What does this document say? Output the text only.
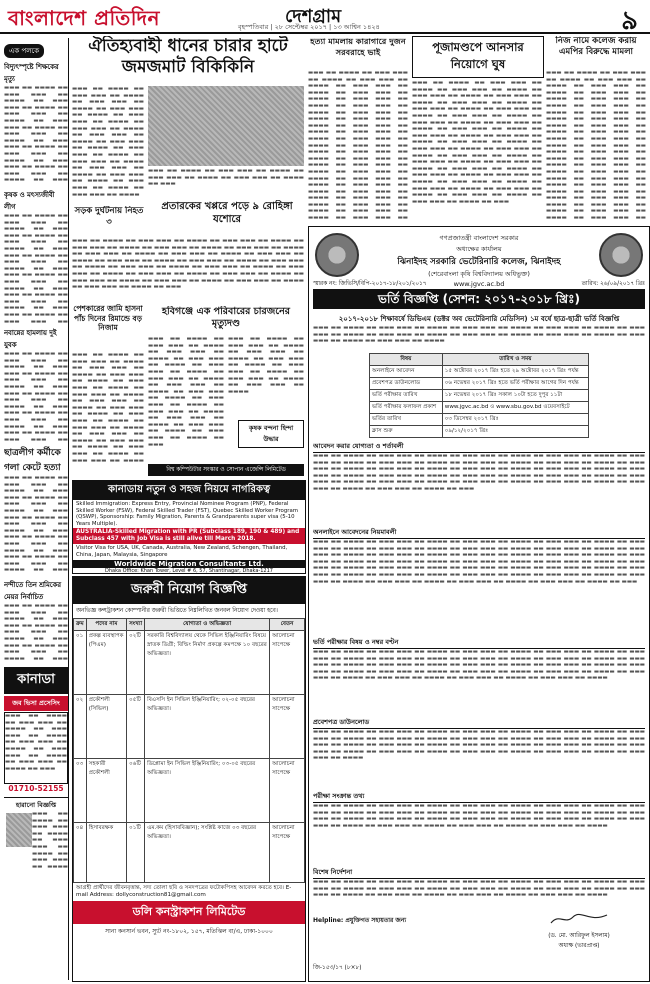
বাংলাদেশ প্রতিদিন	দেশগ্রাম
বৃহস্পতিবার | ২৮ সেপ্টেম্বর ২০১৭ | ১৩ আশ্বিন ১৪২৪	৯
এক পলকে
বিদ্যুৎস্পৃষ্টে শিক্ষকের মৃত্যু
▬▬▬ ▬▬ ▬▬▬▬ ▬▬ ▬▬▬ ▬▬▬ ▬▬ ▬▬▬▬ ▬▬ ▬▬▬ ▬▬▬ ▬▬ ▬▬▬▬ ▬▬ ▬▬▬ ▬▬▬ ▬▬ ▬▬▬▬ ▬▬ ▬▬▬ ▬▬▬ ▬▬ ▬▬▬▬ ▬▬ ▬▬▬ ▬▬▬ ▬▬ ▬▬▬▬ ▬▬ ▬▬▬ ▬▬▬ ▬▬ ▬▬▬▬ ▬▬ ▬▬▬ ▬▬▬ ▬▬ ▬▬▬▬ ▬▬ ▬▬▬ ▬▬▬ ▬▬ ▬▬▬▬ ▬▬ ▬▬▬ ▬▬▬ ▬▬ ▬▬▬▬ ▬▬ ▬▬▬
কৃষক ও মৎস্যজীবী লীগ
▬▬▬ ▬▬ ▬▬▬▬ ▬▬ ▬▬▬ ▬▬▬ ▬▬ ▬▬▬▬ ▬▬ ▬▬▬ ▬▬▬ ▬▬ ▬▬▬▬ ▬▬ ▬▬▬ ▬▬▬ ▬▬ ▬▬▬▬ ▬▬ ▬▬▬ ▬▬▬ ▬▬ ▬▬▬▬ ▬▬ ▬▬▬ ▬▬▬ ▬▬ ▬▬▬▬ ▬▬ ▬▬▬ ▬▬▬ ▬▬ ▬▬▬▬ ▬▬ ▬▬▬ ▬▬▬ ▬▬ ▬▬▬▬ ▬▬ ▬▬▬ ▬▬▬ ▬▬ ▬▬▬▬ ▬▬ ▬▬▬ ▬▬▬ ▬▬ ▬▬▬▬ ▬▬ ▬▬▬ ▬▬▬ ▬▬ ▬▬▬▬ ▬▬ ▬▬▬ ▬▬▬ ▬▬
নবান্নের হামলায় দুই যুবক
▬▬▬ ▬▬ ▬▬▬▬ ▬▬ ▬▬▬ ▬▬▬ ▬▬ ▬▬▬▬ ▬▬ ▬▬▬ ▬▬▬ ▬▬ ▬▬▬▬ ▬▬ ▬▬▬ ▬▬▬ ▬▬ ▬▬▬▬ ▬▬ ▬▬▬ ▬▬▬ ▬▬ ▬▬▬▬ ▬▬ ▬▬▬ ▬▬▬ ▬▬ ▬▬▬▬ ▬▬ ▬▬▬ ▬▬▬ ▬▬ ▬▬▬▬ ▬▬ ▬▬▬ ▬▬▬ ▬▬ ▬▬▬▬ ▬▬ ▬▬▬ ▬▬▬ ▬▬ ▬▬▬▬ ▬▬ ▬▬▬ ▬▬▬ ▬▬
ছাত্রলীগ কর্মীকে গলা কেটে হত্যা
▬▬▬ ▬▬ ▬▬▬▬ ▬▬ ▬▬▬ ▬▬▬ ▬▬ ▬▬▬▬ ▬▬ ▬▬▬ ▬▬▬ ▬▬ ▬▬▬▬ ▬▬ ▬▬▬ ▬▬▬ ▬▬ ▬▬▬▬ ▬▬ ▬▬▬ ▬▬▬ ▬▬ ▬▬▬▬ ▬▬ ▬▬▬ ▬▬▬ ▬▬ ▬▬▬▬ ▬▬ ▬▬▬ ▬▬▬ ▬▬ ▬▬▬▬ ▬▬ ▬▬▬ ▬▬▬ ▬▬ ▬▬▬▬ ▬▬ ▬▬▬ ▬▬▬ ▬▬ ▬▬▬▬ ▬▬ ▬▬▬ ▬▬▬ ▬▬ ▬▬▬▬ ▬▬ ▬▬▬
নন্দীতে তিন শ্রমিকের মেয়র নির্বাচিত
▬▬▬ ▬▬ ▬▬▬▬ ▬▬ ▬▬▬ ▬▬▬ ▬▬ ▬▬▬▬ ▬▬ ▬▬▬ ▬▬▬ ▬▬ ▬▬▬▬ ▬▬ ▬▬▬ ▬▬▬ ▬▬ ▬▬▬▬ ▬▬ ▬▬▬ ▬▬▬ ▬▬ ▬▬▬▬ ▬▬ ▬▬▬ ▬▬▬ ▬▬ ▬▬▬▬ ▬▬ ▬▬▬
কানাডা
জব ভিসা প্রসেসিং
▬▬▬ ▬▬ ▬▬▬▬ ▬▬ ▬▬▬ ▬▬▬ ▬▬ ▬▬▬▬ ▬▬ ▬▬▬ ▬▬▬ ▬▬ ▬▬▬▬ ▬▬ ▬▬▬ ▬▬▬ ▬▬ ▬▬▬▬ ▬▬ ▬▬▬ ▬▬▬ ▬▬ ▬▬▬▬ ▬▬ ▬▬▬ ▬▬▬ ▬▬ ▬▬▬▬ ▬▬ ▬▬▬
01710-52155
হারানো বিজ্ঞপ্তি
▬▬▬ ▬▬ ▬▬▬▬ ▬▬ ▬▬▬ ▬▬▬ ▬▬ ▬▬▬▬ ▬▬ ▬▬▬ ▬▬▬ ▬▬ ▬▬▬▬ ▬▬ ▬▬▬ ▬▬▬ ▬▬ ▬▬▬▬
ঐতিহ্যবাহী ধানের চারার হাটে জমজমাট বিকিকিনি
▬▬▬ ▬▬ ▬▬▬▬ ▬▬ ▬▬▬ ▬▬▬ ▬▬ ▬▬▬▬ ▬▬ ▬▬▬ ▬▬▬ ▬▬ ▬▬▬▬ ▬▬ ▬▬▬ ▬▬▬ ▬▬ ▬▬▬▬ ▬▬ ▬▬▬ ▬▬▬ ▬▬ ▬▬▬▬ ▬▬ ▬▬▬ ▬▬▬ ▬▬ ▬▬▬▬ ▬▬ ▬▬▬ ▬▬▬ ▬▬ ▬▬▬▬ ▬▬ ▬▬▬ ▬▬▬ ▬▬ ▬▬▬▬ ▬▬ ▬▬▬ ▬▬▬ ▬▬ ▬▬▬▬ ▬▬ ▬▬▬ ▬▬▬ ▬▬ ▬▬▬▬ ▬▬ ▬▬▬ ▬▬▬ ▬▬ ▬▬▬▬ ▬▬ ▬▬▬ ▬▬▬ ▬▬ ▬▬▬▬ ▬▬ ▬▬▬ ▬▬▬ ▬▬ ▬▬▬▬ ▬▬ ▬▬▬ ▬▬▬ ▬▬ ▬▬▬▬
▬▬▬ ▬▬ ▬▬▬▬ ▬▬ ▬▬▬ ▬▬▬ ▬▬ ▬▬▬▬ ▬▬ ▬▬▬ ▬▬▬ ▬▬ ▬▬▬▬ ▬▬ ▬▬▬ ▬▬▬ ▬▬ ▬▬▬▬ ▬▬ ▬▬▬
সড়ক দুর্ঘটনায় নিহত ৩
প্রতারকের খপ্পরে পড়ে ৯ রোহিঙ্গা যশোরে
▬▬▬ ▬▬ ▬▬▬▬ ▬▬ ▬▬▬ ▬▬▬ ▬▬ ▬▬▬▬ ▬▬ ▬▬▬ ▬▬▬ ▬▬ ▬▬▬▬ ▬▬ ▬▬▬ ▬▬▬ ▬▬ ▬▬▬▬ ▬▬ ▬▬▬ ▬▬▬ ▬▬ ▬▬▬▬ ▬▬ ▬▬▬ ▬▬▬ ▬▬ ▬▬▬▬ ▬▬ ▬▬▬ ▬▬▬ ▬▬ ▬▬▬▬ ▬▬ ▬▬▬ ▬▬▬ ▬▬ ▬▬▬▬ ▬▬ ▬▬▬ ▬▬▬ ▬▬ ▬▬▬▬ ▬▬ ▬▬▬ ▬▬▬ ▬▬ ▬▬▬▬ ▬▬ ▬▬▬ ▬▬▬ ▬▬ ▬▬▬▬ ▬▬ ▬▬▬ ▬▬▬ ▬▬ ▬▬▬▬ ▬▬ ▬▬▬ ▬▬▬ ▬▬ ▬▬▬▬ ▬▬ ▬▬▬ ▬▬▬ ▬▬ ▬▬▬▬ ▬▬ ▬▬▬ ▬▬▬ ▬▬ ▬▬▬▬ ▬▬ ▬▬▬ ▬▬▬ ▬▬ ▬▬▬▬ ▬▬ ▬▬▬ ▬▬▬ ▬▬ ▬▬▬▬ ▬▬ ▬▬▬ ▬▬▬ ▬▬ ▬▬▬▬ ▬▬ ▬▬▬ ▬▬▬ ▬▬ ▬▬▬▬ ▬▬ ▬▬▬ ▬▬▬ ▬▬ ▬▬▬▬ ▬▬ ▬▬▬ ▬▬▬ ▬▬ ▬▬▬▬ ▬▬ ▬▬▬
পেশকারের জামি হাসনা পাঁচ দিনের রিমান্ডে বড় নিজাম
▬▬▬ ▬▬ ▬▬▬▬ ▬▬ ▬▬▬ ▬▬▬ ▬▬ ▬▬▬▬ ▬▬ ▬▬▬ ▬▬▬ ▬▬ ▬▬▬▬ ▬▬ ▬▬▬ ▬▬▬ ▬▬ ▬▬▬▬ ▬▬ ▬▬▬ ▬▬▬ ▬▬ ▬▬▬▬ ▬▬ ▬▬▬ ▬▬▬ ▬▬ ▬▬▬▬ ▬▬ ▬▬▬ ▬▬▬ ▬▬ ▬▬▬▬ ▬▬ ▬▬▬ ▬▬▬ ▬▬ ▬▬▬▬ ▬▬ ▬▬▬ ▬▬▬ ▬▬ ▬▬▬▬ ▬▬ ▬▬▬ ▬▬▬ ▬▬ ▬▬▬▬ ▬▬ ▬▬▬ ▬▬▬ ▬▬ ▬▬▬▬ ▬▬ ▬▬▬ ▬▬▬ ▬▬ ▬▬▬▬ ▬▬ ▬▬▬ ▬▬▬ ▬▬ ▬▬▬▬ ▬▬ ▬▬▬ ▬▬▬ ▬▬ ▬▬▬▬
হবিগঞ্জে এক পরিবারের চারজনের মৃত্যুদণ্ড
▬▬▬ ▬▬ ▬▬▬▬ ▬▬ ▬▬▬ ▬▬▬ ▬▬ ▬▬▬▬ ▬▬ ▬▬▬ ▬▬▬ ▬▬ ▬▬▬▬ ▬▬ ▬▬▬ ▬▬▬ ▬▬ ▬▬▬▬ ▬▬ ▬▬▬ ▬▬▬ ▬▬ ▬▬▬▬ ▬▬ ▬▬▬ ▬▬▬ ▬▬ ▬▬▬▬ ▬▬ ▬▬▬ ▬▬▬ ▬▬ ▬▬▬▬ ▬▬ ▬▬▬ ▬▬▬ ▬▬ ▬▬▬▬ ▬▬ ▬▬▬ ▬▬▬ ▬▬ ▬▬▬▬ ▬▬ ▬▬▬ ▬▬▬ ▬▬ ▬▬▬▬ ▬▬ ▬▬▬ ▬▬▬ ▬▬ ▬▬▬▬ ▬▬ ▬▬▬ ▬▬▬ ▬▬ ▬▬▬▬ ▬▬ ▬▬▬ ▬▬▬ ▬▬ ▬▬▬▬ ▬▬ ▬▬▬
▬▬▬ ▬▬ ▬▬▬▬ ▬▬ ▬▬▬ ▬▬▬ ▬▬ ▬▬▬▬ ▬▬ ▬▬▬ ▬▬▬ ▬▬ ▬▬▬▬ ▬▬ ▬▬▬ ▬▬▬ ▬▬ ▬▬▬▬ ▬▬ ▬▬▬ ▬▬▬ ▬▬ ▬▬▬▬ ▬▬ ▬▬▬ ▬▬▬ ▬▬ ▬▬▬▬ ▬▬ ▬▬▬ ▬▬▬ ▬▬ ▬▬▬▬
কৃষক বন্দনা হিন্দা উদ্ধার
বিশ্ব কম্পিউটার সংস্কার ও সোপান এজেন্সি লিমিটেড
কানাডায় নতুন ও সহজ নিয়মে নাগরিকত্ব
Skilled Immigration: Express Entry, Provincial Nominee Program (PNP), Federal Skilled Worker (FSW), Federal Skilled Trader (FST), Quebec Skilled Worker Program (QSWP), Sponsorship: Family Migration, Parents & Grandparents super visa (5-10 Years Multiple).
AUSTRALIA-Skilled Migration with PR (Subclass 189, 190 & 489) and Subclass 457 with Job Visa is still alive till March 2018.
Visitor Visa for USA, UK, Canada, Australia, New Zealand, Schengen, Thailand, China, Japan, Malaysia, Singapore
Worldwide Migration Consultants Ltd.
Dhaka Office: Khan Tower, Level # 6, 57, Shantinagar, Dhaka-1217
জরুরী নিয়োগ বিজ্ঞপ্তি
অনভিজ্ঞ কন্সট্রাকশন কোম্পানীর জরুরী ভিত্তিতে নিম্নলিখিত জনবল নিয়োগ দেওয়া হবে।
ক্রম	পদের নাম	সংখ্যা	যোগ্যতা ও অভিজ্ঞতা	বেতন
০১	প্রকল্প ব্যবস্থাপক (পিএম)	০২টি	সরকারি বিশ্ববিদ্যালয় থেকে সিভিল ইঞ্জিনিয়ারিং বিষয়ে স্নাতক ডিগ্রী; বিল্ডিং নির্মাণ প্রকল্পে কমপক্ষে ১০ বছরের অভিজ্ঞতা।	আলোচনা সাপেক্ষে
০২	প্রকৌশলী (সিভিল)	০৫টি	বিএসসি ইন সিভিল ইঞ্জিনিয়ারিং; ০২-০৫ বছরের অভিজ্ঞতা।	আলোচনা সাপেক্ষে
০৩	সহকারী প্রকৌশলী	০৬টি	ডিপ্লোমা ইন সিভিল ইঞ্জিনিয়ারিং; ০৩-০৫ বছরের অভিজ্ঞতা।	আলোচনা সাপেক্ষে
০৪	হিসাবরক্ষক	০১টি	এম.কম (হিসাববিজ্ঞান); সংশ্লিষ্ট কাজে ০৩ বছরের অভিজ্ঞতা।	আলোচনা সাপেক্ষে
আগ্রহী প্রার্থীদের জীবনবৃত্তান্ত, সদ্য তোলা ছবি ও সনদপত্রের ফটোকপিসহ আবেদন করতে হবে। E-mail Address: dollyconstruction81@gmail.com
ডলি কনস্ট্রাকশন লিমিটেড
সানা কনসার্ন ভবন, স্যুট নং-১৮০২, ১৫৭, মতিঝিল বা/এ, ঢাকা-১০০০
হত্যা মামলায় কারাগারে দুজন সরবরাহে ভাই
▬▬▬ ▬▬ ▬▬▬▬ ▬▬ ▬▬▬ ▬▬▬ ▬▬ ▬▬▬▬ ▬▬ ▬▬▬ ▬▬▬ ▬▬ ▬▬▬▬ ▬▬ ▬▬▬ ▬▬▬ ▬▬ ▬▬▬▬ ▬▬ ▬▬▬ ▬▬▬ ▬▬ ▬▬▬▬ ▬▬ ▬▬▬ ▬▬▬ ▬▬ ▬▬▬▬ ▬▬ ▬▬▬ ▬▬▬ ▬▬ ▬▬▬▬ ▬▬ ▬▬▬ ▬▬▬ ▬▬ ▬▬▬▬ ▬▬ ▬▬▬ ▬▬▬ ▬▬ ▬▬▬▬ ▬▬ ▬▬▬ ▬▬▬ ▬▬ ▬▬▬▬ ▬▬ ▬▬▬ ▬▬▬ ▬▬ ▬▬▬▬ ▬▬ ▬▬▬ ▬▬▬ ▬▬ ▬▬▬▬ ▬▬ ▬▬▬ ▬▬▬ ▬▬ ▬▬▬▬ ▬▬ ▬▬▬ ▬▬▬ ▬▬ ▬▬▬▬ ▬▬ ▬▬▬ ▬▬▬ ▬▬ ▬▬▬▬ ▬▬ ▬▬▬ ▬▬▬ ▬▬ ▬▬▬▬ ▬▬ ▬▬▬ ▬▬▬ ▬▬ ▬▬▬▬ ▬▬ ▬▬▬ ▬▬▬ ▬▬ ▬▬▬▬ ▬▬ ▬▬▬ ▬▬▬ ▬▬ ▬▬▬▬ ▬▬ ▬▬▬ ▬▬▬ ▬▬ ▬▬▬▬ ▬▬ ▬▬▬ ▬▬▬ ▬▬ ▬▬▬▬ ▬▬ ▬▬▬ ▬▬▬ ▬▬ ▬▬▬▬ ▬▬ ▬▬▬ ▬▬▬ ▬▬ ▬▬▬▬ ▬▬ ▬▬▬ ▬▬▬ ▬▬
পূজামণ্ডপে আনসার নিয়োগে ঘুষ
▬▬▬ ▬▬ ▬▬▬▬ ▬▬ ▬▬▬ ▬▬▬ ▬▬ ▬▬▬▬ ▬▬ ▬▬▬ ▬▬▬ ▬▬ ▬▬▬▬ ▬▬ ▬▬▬ ▬▬▬ ▬▬ ▬▬▬▬ ▬▬ ▬▬▬ ▬▬▬ ▬▬ ▬▬▬▬ ▬▬ ▬▬▬ ▬▬▬ ▬▬ ▬▬▬▬ ▬▬ ▬▬▬ ▬▬▬ ▬▬ ▬▬▬▬ ▬▬ ▬▬▬ ▬▬▬ ▬▬ ▬▬▬▬ ▬▬ ▬▬▬ ▬▬▬ ▬▬ ▬▬▬▬ ▬▬ ▬▬▬ ▬▬▬ ▬▬ ▬▬▬▬ ▬▬ ▬▬▬ ▬▬▬ ▬▬ ▬▬▬▬ ▬▬ ▬▬▬ ▬▬▬ ▬▬ ▬▬▬▬ ▬▬ ▬▬▬ ▬▬▬ ▬▬ ▬▬▬▬ ▬▬ ▬▬▬ ▬▬▬ ▬▬ ▬▬▬▬ ▬▬ ▬▬▬ ▬▬▬ ▬▬ ▬▬▬▬ ▬▬ ▬▬▬ ▬▬▬ ▬▬ ▬▬▬▬ ▬▬ ▬▬▬ ▬▬▬ ▬▬ ▬▬▬▬ ▬▬ ▬▬▬ ▬▬▬ ▬▬ ▬▬▬▬ ▬▬ ▬▬▬ ▬▬▬ ▬▬ ▬▬▬▬ ▬▬ ▬▬▬ ▬▬▬ ▬▬ ▬▬▬▬ ▬▬ ▬▬▬ ▬▬▬ ▬▬ ▬▬▬▬ ▬▬ ▬▬▬ ▬▬▬ ▬▬ ▬▬▬▬ ▬▬ ▬▬▬ ▬▬▬ ▬▬ ▬▬▬▬ ▬▬ ▬▬▬ ▬▬▬ ▬▬ ▬▬▬▬ ▬▬ ▬▬▬ ▬▬▬ ▬▬ ▬▬▬▬ ▬▬ ▬▬▬ ▬▬▬ ▬▬ ▬▬▬▬ ▬▬ ▬▬▬ ▬▬▬ ▬▬ ▬▬▬▬ ▬▬ ▬▬▬ ▬▬▬ ▬▬ ▬▬▬▬ ▬▬ ▬▬▬
নিজ নামে কলেজ করায় এমপির বিরুদ্ধে মামলা
▬▬▬ ▬▬ ▬▬▬▬ ▬▬ ▬▬▬ ▬▬▬ ▬▬ ▬▬▬▬ ▬▬ ▬▬▬ ▬▬▬ ▬▬ ▬▬▬▬ ▬▬ ▬▬▬ ▬▬▬ ▬▬ ▬▬▬▬ ▬▬ ▬▬▬ ▬▬▬ ▬▬ ▬▬▬▬ ▬▬ ▬▬▬ ▬▬▬ ▬▬ ▬▬▬▬ ▬▬ ▬▬▬ ▬▬▬ ▬▬ ▬▬▬▬ ▬▬ ▬▬▬ ▬▬▬ ▬▬ ▬▬▬▬ ▬▬ ▬▬▬ ▬▬▬ ▬▬ ▬▬▬▬ ▬▬ ▬▬▬ ▬▬▬ ▬▬ ▬▬▬▬ ▬▬ ▬▬▬ ▬▬▬ ▬▬ ▬▬▬▬ ▬▬ ▬▬▬ ▬▬▬ ▬▬ ▬▬▬▬ ▬▬ ▬▬▬ ▬▬▬ ▬▬ ▬▬▬▬ ▬▬ ▬▬▬ ▬▬▬ ▬▬ ▬▬▬▬ ▬▬ ▬▬▬ ▬▬▬ ▬▬ ▬▬▬▬ ▬▬ ▬▬▬ ▬▬▬ ▬▬ ▬▬▬▬ ▬▬ ▬▬▬ ▬▬▬ ▬▬ ▬▬▬▬ ▬▬ ▬▬▬ ▬▬▬ ▬▬ ▬▬▬▬ ▬▬ ▬▬▬ ▬▬▬ ▬▬ ▬▬▬▬ ▬▬ ▬▬▬ ▬▬▬ ▬▬ ▬▬▬▬ ▬▬ ▬▬▬ ▬▬▬ ▬▬ ▬▬▬▬ ▬▬ ▬▬▬ ▬▬▬ ▬▬ ▬▬▬▬ ▬▬ ▬▬▬ ▬▬▬ ▬▬ ▬▬▬▬ ▬▬ ▬▬▬ ▬▬▬ ▬▬
গণপ্রজাতন্ত্রী বাংলাদেশ সরকার
অধ্যক্ষের কার্যালয়
ঝিনাইদহ সরকারি ভেটেরিনারি কলেজ, ঝিনাইদহ
(শেরেবাংলা কৃষি বিশ্ববিদ্যালয় অধিভুক্ত)
www.jgvc.ac.bd
স্মারক নং: জিভিসি/বিপি-২০১৭-১৮/২০১/২০১৭	তারিখ: ২৬/০৯/২০১৭ খ্রিঃ
ভর্তি বিজ্ঞপ্তি (সেশন: ২০১৭-২০১৮ খ্রিঃ)
২০১৭-২০১৮ শিক্ষাবর্ষে ডিভিএম (ডক্টর অব ভেটেরিনারি মেডিসিন) ১ম বর্ষে ছাত্র-ছাত্রী ভর্তি বিজ্ঞপ্তি
▬▬▬ ▬▬ ▬▬▬▬ ▬▬ ▬▬▬ ▬▬▬ ▬▬ ▬▬▬▬ ▬▬ ▬▬▬ ▬▬▬ ▬▬ ▬▬▬▬ ▬▬ ▬▬▬ ▬▬▬ ▬▬ ▬▬▬▬ ▬▬ ▬▬▬ ▬▬▬ ▬▬ ▬▬▬▬ ▬▬ ▬▬▬ ▬▬▬ ▬▬ ▬▬▬▬ ▬▬ ▬▬▬ ▬▬▬ ▬▬ ▬▬▬▬ ▬▬ ▬▬▬ ▬▬▬ ▬▬ ▬▬▬▬ ▬▬ ▬▬▬ ▬▬▬ ▬▬ ▬▬▬▬ ▬▬ ▬▬▬ ▬▬▬ ▬▬ ▬▬▬▬
বিষয়	তারিখ ও সময়
অনলাইনে আবেদন	১৫ অক্টোবর ২০১৭ খ্রিঃ হতে ২৯ অক্টোবর ২০১৭ খ্রিঃ পর্যন্ত
প্রবেশপত্র ডাউনলোড	০৬ নভেম্বর ২০১৭ খ্রিঃ হতে ভর্তি পরীক্ষার আগের দিন পর্যন্ত
ভর্তি পরীক্ষার তারিখ	১৮ নভেম্বর ২০১৭ খ্রিঃ সকাল ১০টা হতে দুপুর ১১টা
ভর্তি পরীক্ষার ফলাফল প্রকাশ	www.jgvc.ac.bd ও www.sbu.gov.bd ওয়েবসাইটে
ভর্তির তারিখ	০৩ ডিসেম্বর ২০১৭ খ্রিঃ
ক্লাস শুরু	০৯/১২/২০১৭ খ্রিঃ
আবেদন করার যোগ্যতা ও শর্তাবলী
▬▬▬ ▬▬ ▬▬▬▬ ▬▬ ▬▬▬ ▬▬▬ ▬▬ ▬▬▬▬ ▬▬ ▬▬▬ ▬▬▬ ▬▬ ▬▬▬▬ ▬▬ ▬▬▬ ▬▬▬ ▬▬ ▬▬▬▬ ▬▬ ▬▬▬ ▬▬▬ ▬▬ ▬▬▬▬ ▬▬ ▬▬▬ ▬▬▬ ▬▬ ▬▬▬▬ ▬▬ ▬▬▬ ▬▬▬ ▬▬ ▬▬▬▬ ▬▬ ▬▬▬ ▬▬▬ ▬▬ ▬▬▬▬ ▬▬ ▬▬▬ ▬▬▬ ▬▬ ▬▬▬▬ ▬▬ ▬▬▬ ▬▬▬ ▬▬ ▬▬▬▬ ▬▬ ▬▬▬ ▬▬▬ ▬▬ ▬▬▬▬ ▬▬ ▬▬▬ ▬▬▬ ▬▬ ▬▬▬▬ ▬▬ ▬▬▬ ▬▬▬ ▬▬ ▬▬▬▬ ▬▬ ▬▬▬ ▬▬▬ ▬▬ ▬▬▬▬ ▬▬ ▬▬▬ ▬▬▬ ▬▬ ▬▬▬▬ ▬▬ ▬▬▬ ▬▬▬ ▬▬ ▬▬▬▬ ▬▬ ▬▬▬ ▬▬▬ ▬▬ ▬▬▬▬ ▬▬ ▬▬▬ ▬▬▬ ▬▬ ▬▬▬▬ ▬▬ ▬▬▬ ▬▬▬ ▬▬ ▬▬▬▬ ▬▬ ▬▬▬ ▬▬▬ ▬▬ ▬▬▬▬ ▬▬ ▬▬▬ ▬▬▬ ▬▬ ▬▬▬▬ ▬▬ ▬▬▬ ▬▬▬ ▬▬ ▬▬▬▬ ▬▬ ▬▬▬
অনলাইনে আবেদনের নিয়মাবলী
▬▬▬ ▬▬ ▬▬▬▬ ▬▬ ▬▬▬ ▬▬▬ ▬▬ ▬▬▬▬ ▬▬ ▬▬▬ ▬▬▬ ▬▬ ▬▬▬▬ ▬▬ ▬▬▬ ▬▬▬ ▬▬ ▬▬▬▬ ▬▬ ▬▬▬ ▬▬▬ ▬▬ ▬▬▬▬ ▬▬ ▬▬▬ ▬▬▬ ▬▬ ▬▬▬▬ ▬▬ ▬▬▬ ▬▬▬ ▬▬ ▬▬▬▬ ▬▬ ▬▬▬ ▬▬▬ ▬▬ ▬▬▬▬ ▬▬ ▬▬▬ ▬▬▬ ▬▬ ▬▬▬▬ ▬▬ ▬▬▬ ▬▬▬ ▬▬ ▬▬▬▬ ▬▬ ▬▬▬ ▬▬▬ ▬▬ ▬▬▬▬ ▬▬ ▬▬▬ ▬▬▬ ▬▬ ▬▬▬▬ ▬▬ ▬▬▬ ▬▬▬ ▬▬ ▬▬▬▬ ▬▬ ▬▬▬ ▬▬▬ ▬▬ ▬▬▬▬ ▬▬ ▬▬▬ ▬▬▬ ▬▬ ▬▬▬▬ ▬▬ ▬▬▬ ▬▬▬ ▬▬ ▬▬▬▬ ▬▬ ▬▬▬ ▬▬▬ ▬▬ ▬▬▬▬ ▬▬ ▬▬▬ ▬▬▬ ▬▬ ▬▬▬▬ ▬▬ ▬▬▬ ▬▬▬ ▬▬ ▬▬▬▬ ▬▬ ▬▬▬ ▬▬▬ ▬▬ ▬▬▬▬ ▬▬ ▬▬▬ ▬▬▬ ▬▬ ▬▬▬▬ ▬▬ ▬▬▬ ▬▬▬ ▬▬ ▬▬▬▬ ▬▬ ▬▬▬ ▬▬▬ ▬▬ ▬▬▬▬ ▬▬ ▬▬▬ ▬▬▬ ▬▬ ▬▬▬▬ ▬▬ ▬▬▬ ▬▬▬ ▬▬ ▬▬▬▬ ▬▬ ▬▬▬ ▬▬▬ ▬▬ ▬▬▬▬ ▬▬ ▬▬▬ ▬▬▬ ▬▬ ▬▬▬▬ ▬▬ ▬▬▬ ▬▬▬ ▬▬ ▬▬▬▬ ▬▬ ▬▬▬
ভর্তি পরীক্ষার বিষয় ও নম্বর বণ্টন
▬▬▬ ▬▬ ▬▬▬▬ ▬▬ ▬▬▬ ▬▬▬ ▬▬ ▬▬▬▬ ▬▬ ▬▬▬ ▬▬▬ ▬▬ ▬▬▬▬ ▬▬ ▬▬▬ ▬▬▬ ▬▬ ▬▬▬▬ ▬▬ ▬▬▬ ▬▬▬ ▬▬ ▬▬▬▬ ▬▬ ▬▬▬ ▬▬▬ ▬▬ ▬▬▬▬ ▬▬ ▬▬▬ ▬▬▬ ▬▬ ▬▬▬▬ ▬▬ ▬▬▬ ▬▬▬ ▬▬ ▬▬▬▬ ▬▬ ▬▬▬ ▬▬▬ ▬▬ ▬▬▬▬ ▬▬ ▬▬▬ ▬▬▬ ▬▬ ▬▬▬▬ ▬▬ ▬▬▬ ▬▬▬ ▬▬ ▬▬▬▬ ▬▬ ▬▬▬ ▬▬▬ ▬▬ ▬▬▬▬ ▬▬ ▬▬▬ ▬▬▬ ▬▬ ▬▬▬▬ ▬▬ ▬▬▬ ▬▬▬ ▬▬ ▬▬▬▬ ▬▬ ▬▬▬ ▬▬▬ ▬▬ ▬▬▬▬ ▬▬ ▬▬▬ ▬▬▬ ▬▬ ▬▬▬▬ ▬▬ ▬▬▬ ▬▬▬ ▬▬ ▬▬▬▬ ▬▬ ▬▬▬ ▬▬▬ ▬▬ ▬▬▬▬ ▬▬ ▬▬▬ ▬▬▬ ▬▬ ▬▬▬▬ ▬▬ ▬▬▬ ▬▬▬ ▬▬ ▬▬▬▬
প্রবেশপত্র ডাউনলোড
▬▬▬ ▬▬ ▬▬▬▬ ▬▬ ▬▬▬ ▬▬▬ ▬▬ ▬▬▬▬ ▬▬ ▬▬▬ ▬▬▬ ▬▬ ▬▬▬▬ ▬▬ ▬▬▬ ▬▬▬ ▬▬ ▬▬▬▬ ▬▬ ▬▬▬ ▬▬▬ ▬▬ ▬▬▬▬ ▬▬ ▬▬▬ ▬▬▬ ▬▬ ▬▬▬▬ ▬▬ ▬▬▬ ▬▬▬ ▬▬ ▬▬▬▬ ▬▬ ▬▬▬ ▬▬▬ ▬▬ ▬▬▬▬ ▬▬ ▬▬▬ ▬▬▬ ▬▬ ▬▬▬▬ ▬▬ ▬▬▬ ▬▬▬ ▬▬ ▬▬▬▬ ▬▬ ▬▬▬ ▬▬▬ ▬▬ ▬▬▬▬ ▬▬ ▬▬▬ ▬▬▬ ▬▬ ▬▬▬▬ ▬▬ ▬▬▬ ▬▬▬ ▬▬ ▬▬▬▬ ▬▬ ▬▬▬ ▬▬▬ ▬▬ ▬▬▬▬ ▬▬ ▬▬▬ ▬▬▬ ▬▬ ▬▬▬▬ ▬▬ ▬▬▬ ▬▬▬ ▬▬ ▬▬▬▬ ▬▬ ▬▬▬ ▬▬▬ ▬▬ ▬▬▬▬
পরীক্ষা সংক্রান্ত তথ্য
▬▬▬ ▬▬ ▬▬▬▬ ▬▬ ▬▬▬ ▬▬▬ ▬▬ ▬▬▬▬ ▬▬ ▬▬▬ ▬▬▬ ▬▬ ▬▬▬▬ ▬▬ ▬▬▬ ▬▬▬ ▬▬ ▬▬▬▬ ▬▬ ▬▬▬ ▬▬▬ ▬▬ ▬▬▬▬ ▬▬ ▬▬▬ ▬▬▬ ▬▬ ▬▬▬▬ ▬▬ ▬▬▬ ▬▬▬ ▬▬ ▬▬▬▬ ▬▬ ▬▬▬ ▬▬▬ ▬▬ ▬▬▬▬ ▬▬ ▬▬▬ ▬▬▬ ▬▬ ▬▬▬▬ ▬▬ ▬▬▬ ▬▬▬ ▬▬ ▬▬▬▬ ▬▬ ▬▬▬ ▬▬▬ ▬▬ ▬▬▬▬ ▬▬ ▬▬▬ ▬▬▬ ▬▬ ▬▬▬▬ ▬▬ ▬▬▬ ▬▬▬ ▬▬ ▬▬▬▬ ▬▬ ▬▬▬ ▬▬▬ ▬▬ ▬▬▬▬ ▬▬ ▬▬▬ ▬▬▬ ▬▬ ▬▬▬▬ ▬▬ ▬▬▬ ▬▬▬ ▬▬ ▬▬▬▬
বিশেষ নির্দেশনা
▬▬▬ ▬▬ ▬▬▬▬ ▬▬ ▬▬▬ ▬▬▬ ▬▬ ▬▬▬▬ ▬▬ ▬▬▬ ▬▬▬ ▬▬ ▬▬▬▬ ▬▬ ▬▬▬ ▬▬▬ ▬▬ ▬▬▬▬ ▬▬ ▬▬▬ ▬▬▬ ▬▬ ▬▬▬▬ ▬▬ ▬▬▬ ▬▬▬ ▬▬ ▬▬▬▬ ▬▬ ▬▬▬ ▬▬▬ ▬▬ ▬▬▬▬ ▬▬ ▬▬▬ ▬▬▬ ▬▬ ▬▬▬▬ ▬▬ ▬▬▬ ▬▬▬ ▬▬ ▬▬▬▬ ▬▬ ▬▬▬ ▬▬▬ ▬▬ ▬▬▬▬ ▬▬ ▬▬▬ ▬▬▬ ▬▬ ▬▬▬▬ ▬▬ ▬▬▬ ▬▬▬ ▬▬ ▬▬▬▬
Helpline: প্রযুক্তিগত সহায়তার জন্য
(ড. মো. আরিফুল ইসলাম)
অধ্যক্ষ (ভারপ্রাপ্ত)
জি-১৫৩/১৭ (৮×৮)
